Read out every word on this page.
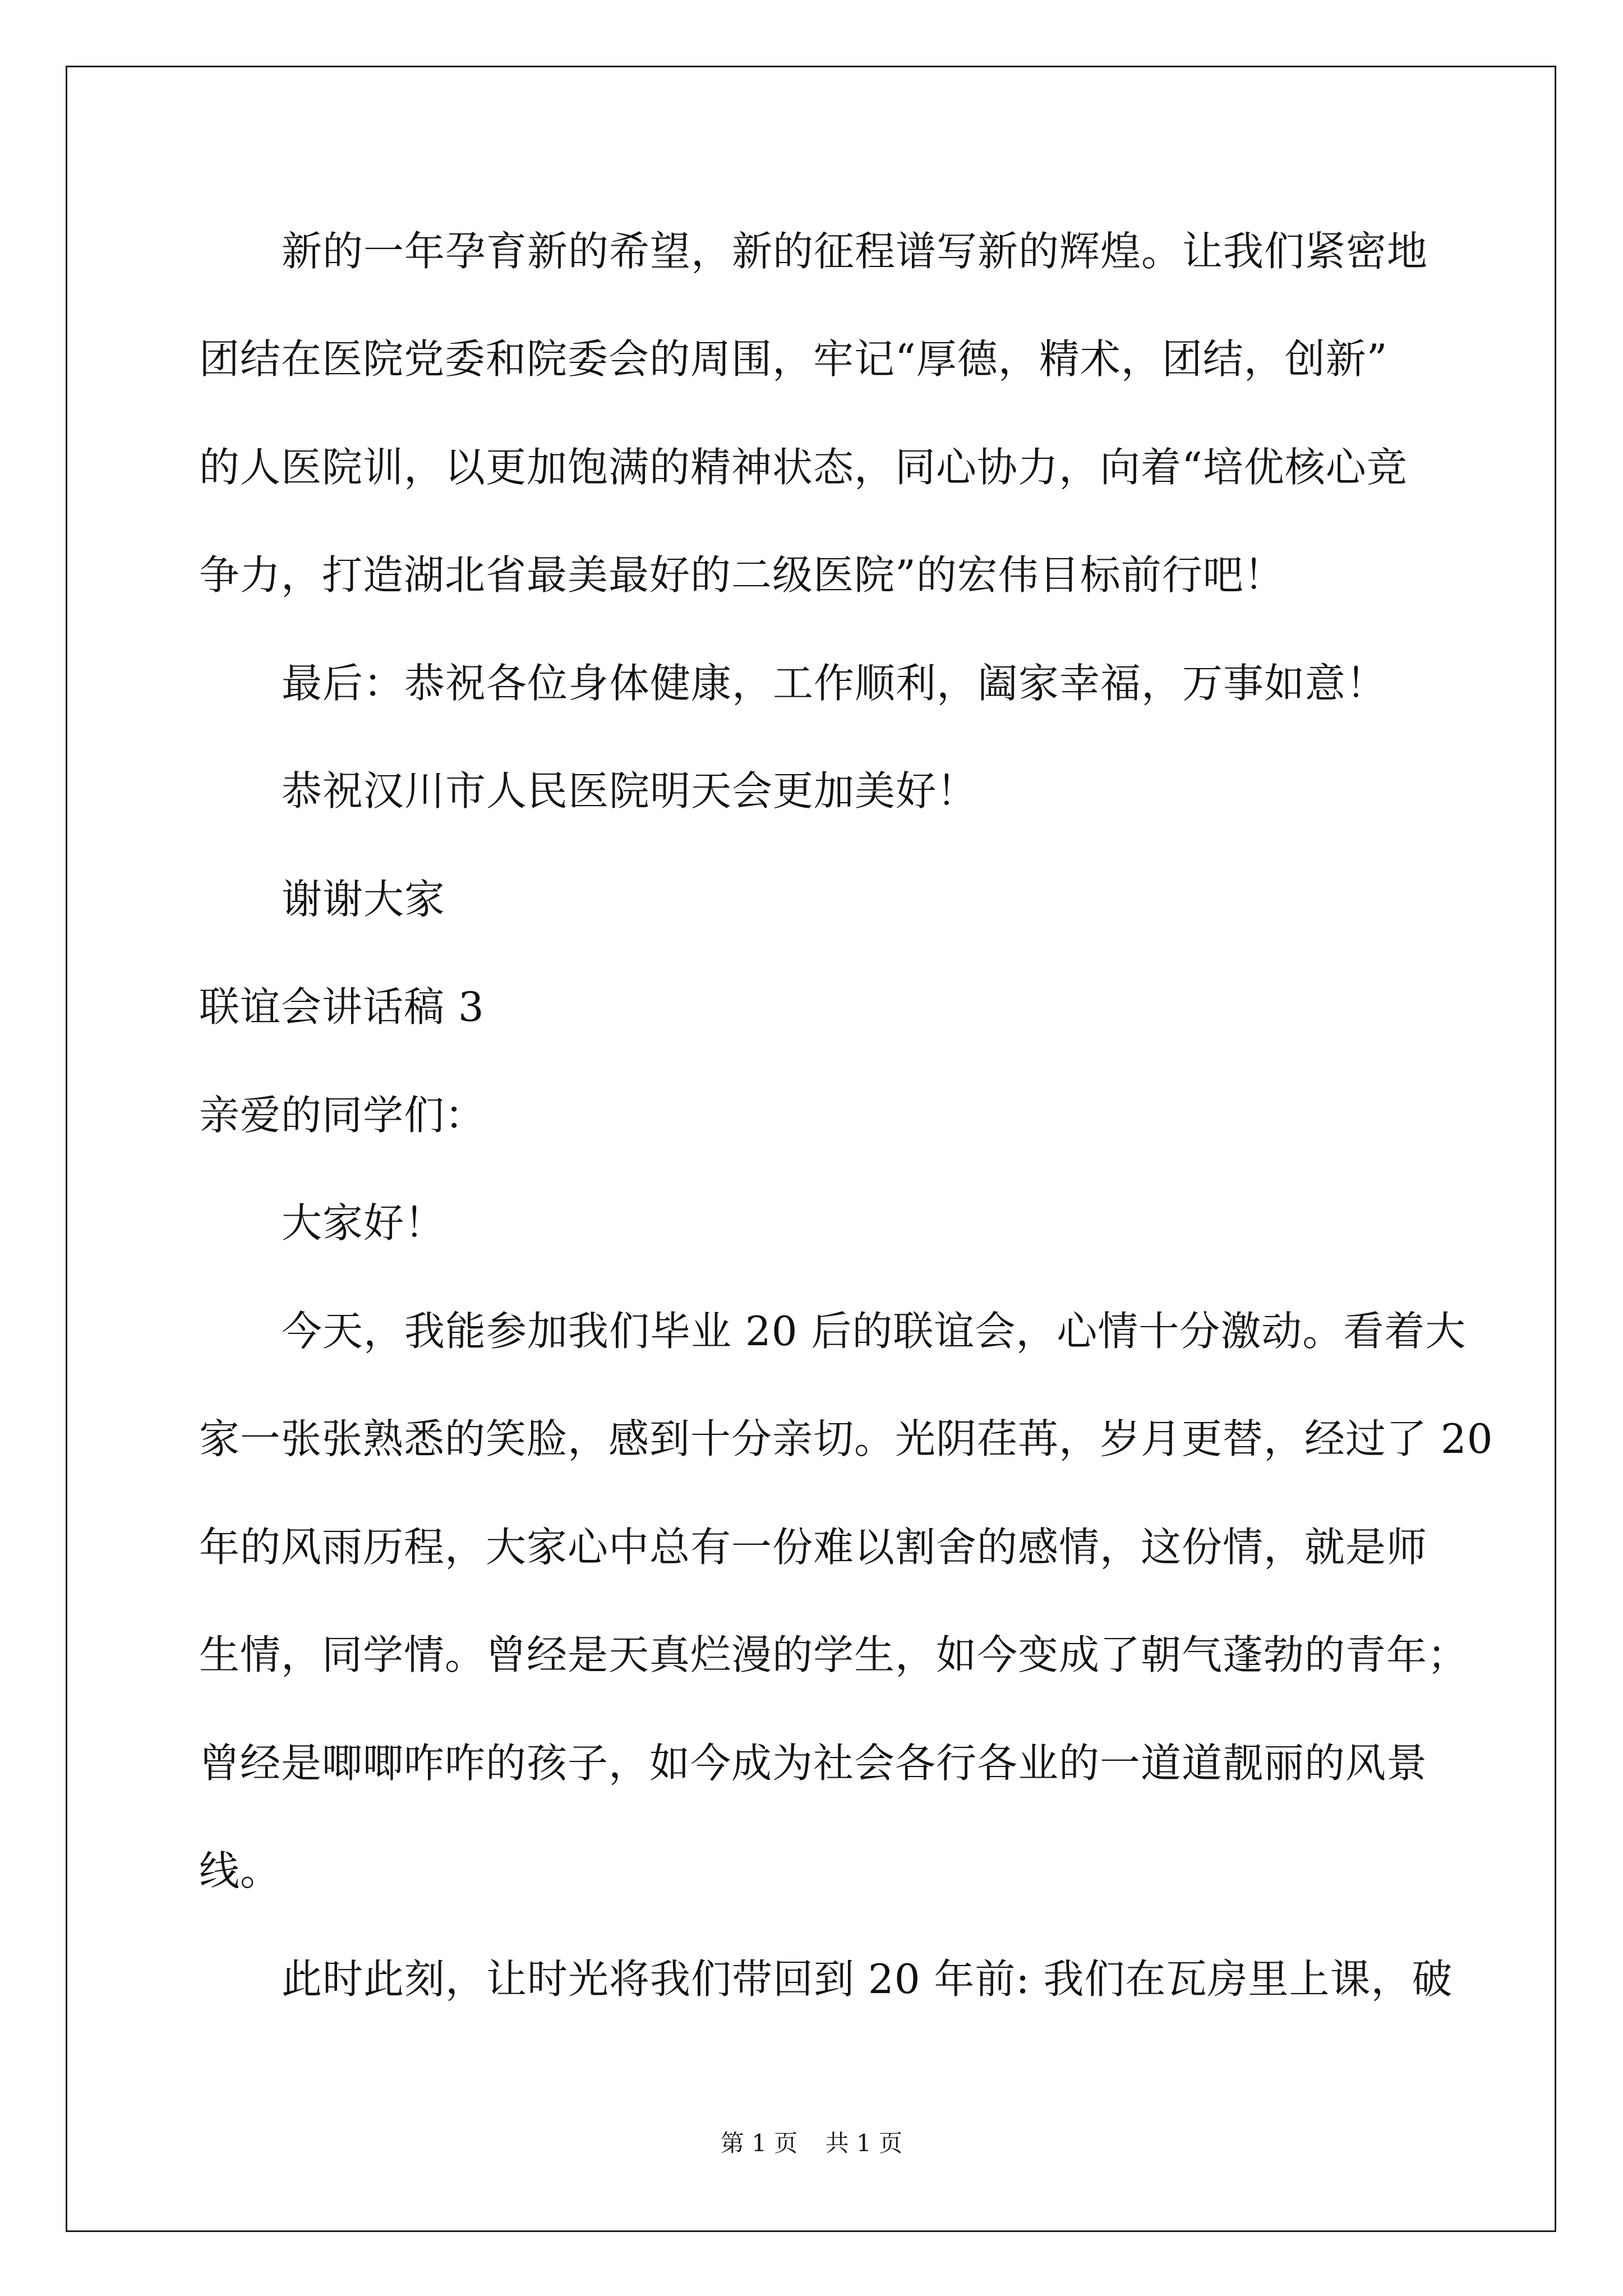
新的一年孕育新的希望，新的征程谱写新的辉煌。让我们紧密地
团结在医院党委和院委会的周围，牢记“厚德，精术，团结，创新”
的人医院训，以更加饱满的精神状态，同心协力，向着“培优核心竞
争力，打造湖北省最美最好的二级医院”的宏伟目标前行吧！
最后：恭祝各位身体健康，工作顺利，阖家幸福，万事如意！
恭祝汉川市人民医院明天会更加美好！
谢谢大家
联谊会讲话稿 3
亲爱的同学们：
大家好！
今天，我能参加我们毕业 20 后的联谊会，心情十分激动。看着大
家一张张熟悉的笑脸，感到十分亲切。光阴荏苒，岁月更替，经过了 20
年的风雨历程，大家心中总有一份难以割舍的感情，这份情，就是师
生情，同学情。曾经是天真烂漫的学生，如今变成了朝气蓬勃的青年；
曾经是唧唧咋咋的孩子，如今成为社会各行各业的一道道靓丽的风景
线。
此时此刻，让时光将我们带回到 20 年前: 我们在瓦房里上课，破
第 1 页 共 1 页
